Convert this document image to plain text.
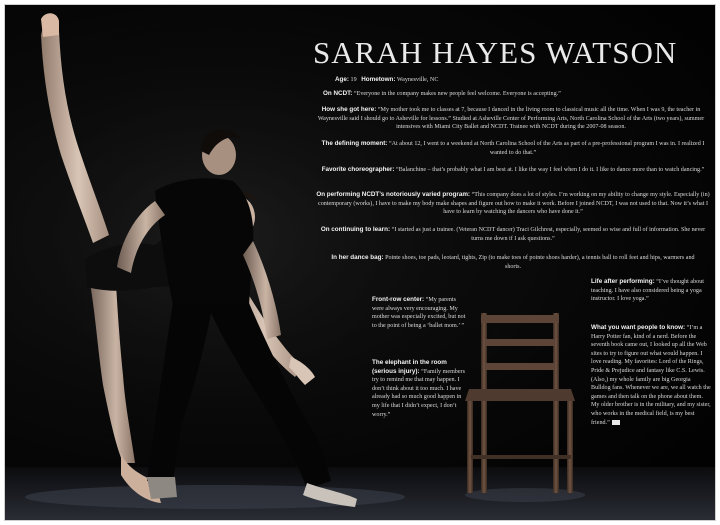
SARAH HAYES WATSON

Age: 19 Hometown: Waynesville, NC

On NCDT: “Everyone in the company makes new people feel welcome. Everyone is accepting.”

How she got here: “My mother took me to classes at 7, because I danced in the living room to classical music all the time. When I was 9, the teacher in Waynesville said I should go to Asheville for lessons.” Studied at Asheville Center of Performing Arts, North Carolina School of the Arts (two years), summer intensives with Miami City Ballet and NCDT. Trainee with NCDT during the 2007-08 season.

The defining moment: “At about 12, I went to a weekend at North Carolina School of the Arts as part of a pre-professional program I was in. I realized I wanted to do that.”

Favorite choreographer: “Balanchine – that’s probably what I am best at. I like the way I feel when I do it. I like to dance more than to watch dancing.”

On performing NCDT’s notoriously varied program: “This company does a lot of styles. I’m working on my ability to change my style. Especially (in) contemporary (works), I have to make my body make shapes and figure out how to make it work. Before I joined NCDT, I was not used to that. Now it’s what I have to learn by watching the dancers who have done it.”

On continuing to learn: “I started as just a trainee. (Veteran NCDT dancer) Traci Gilchrest, especially, seemed so wise and full of information. She never turns me down if I ask questions.”

In her dance bag: Pointe shoes, toe pads, leotard, tights, Zip (to make toes of pointe shoes harder), a tennis ball to roll feet and hips, warmers and shorts.

Front-row center: “My parents were always very encouraging. My mother was especially excited, but not to the point of being a ‘ballet mom.’ ”

The elephant in the room (serious injury): “Family members try to remind me that may happen. I don’t think about it too much. I have already had so much good happen in my life that I didn’t expect, I don’t worry.”

Life after performing: “I’ve thought about teaching. I have also considered being a yoga instructor. I love yoga.”

What you want people to know: “I’m a Harry Potter fan, kind of a nerd. Before the seventh book came out, I looked up all the Web sites to try to figure out what would happen. I love reading. My favorites: Lord of the Rings, Pride & Prejudice and fantasy like C.S. Lewis. (Also,) my whole family are big Georgia Bulldog fans. Whenever we are, we all watch the games and then talk on the phone about them. My older brother is in the military, and my sister, who works in the medical field, is my best friend.”
